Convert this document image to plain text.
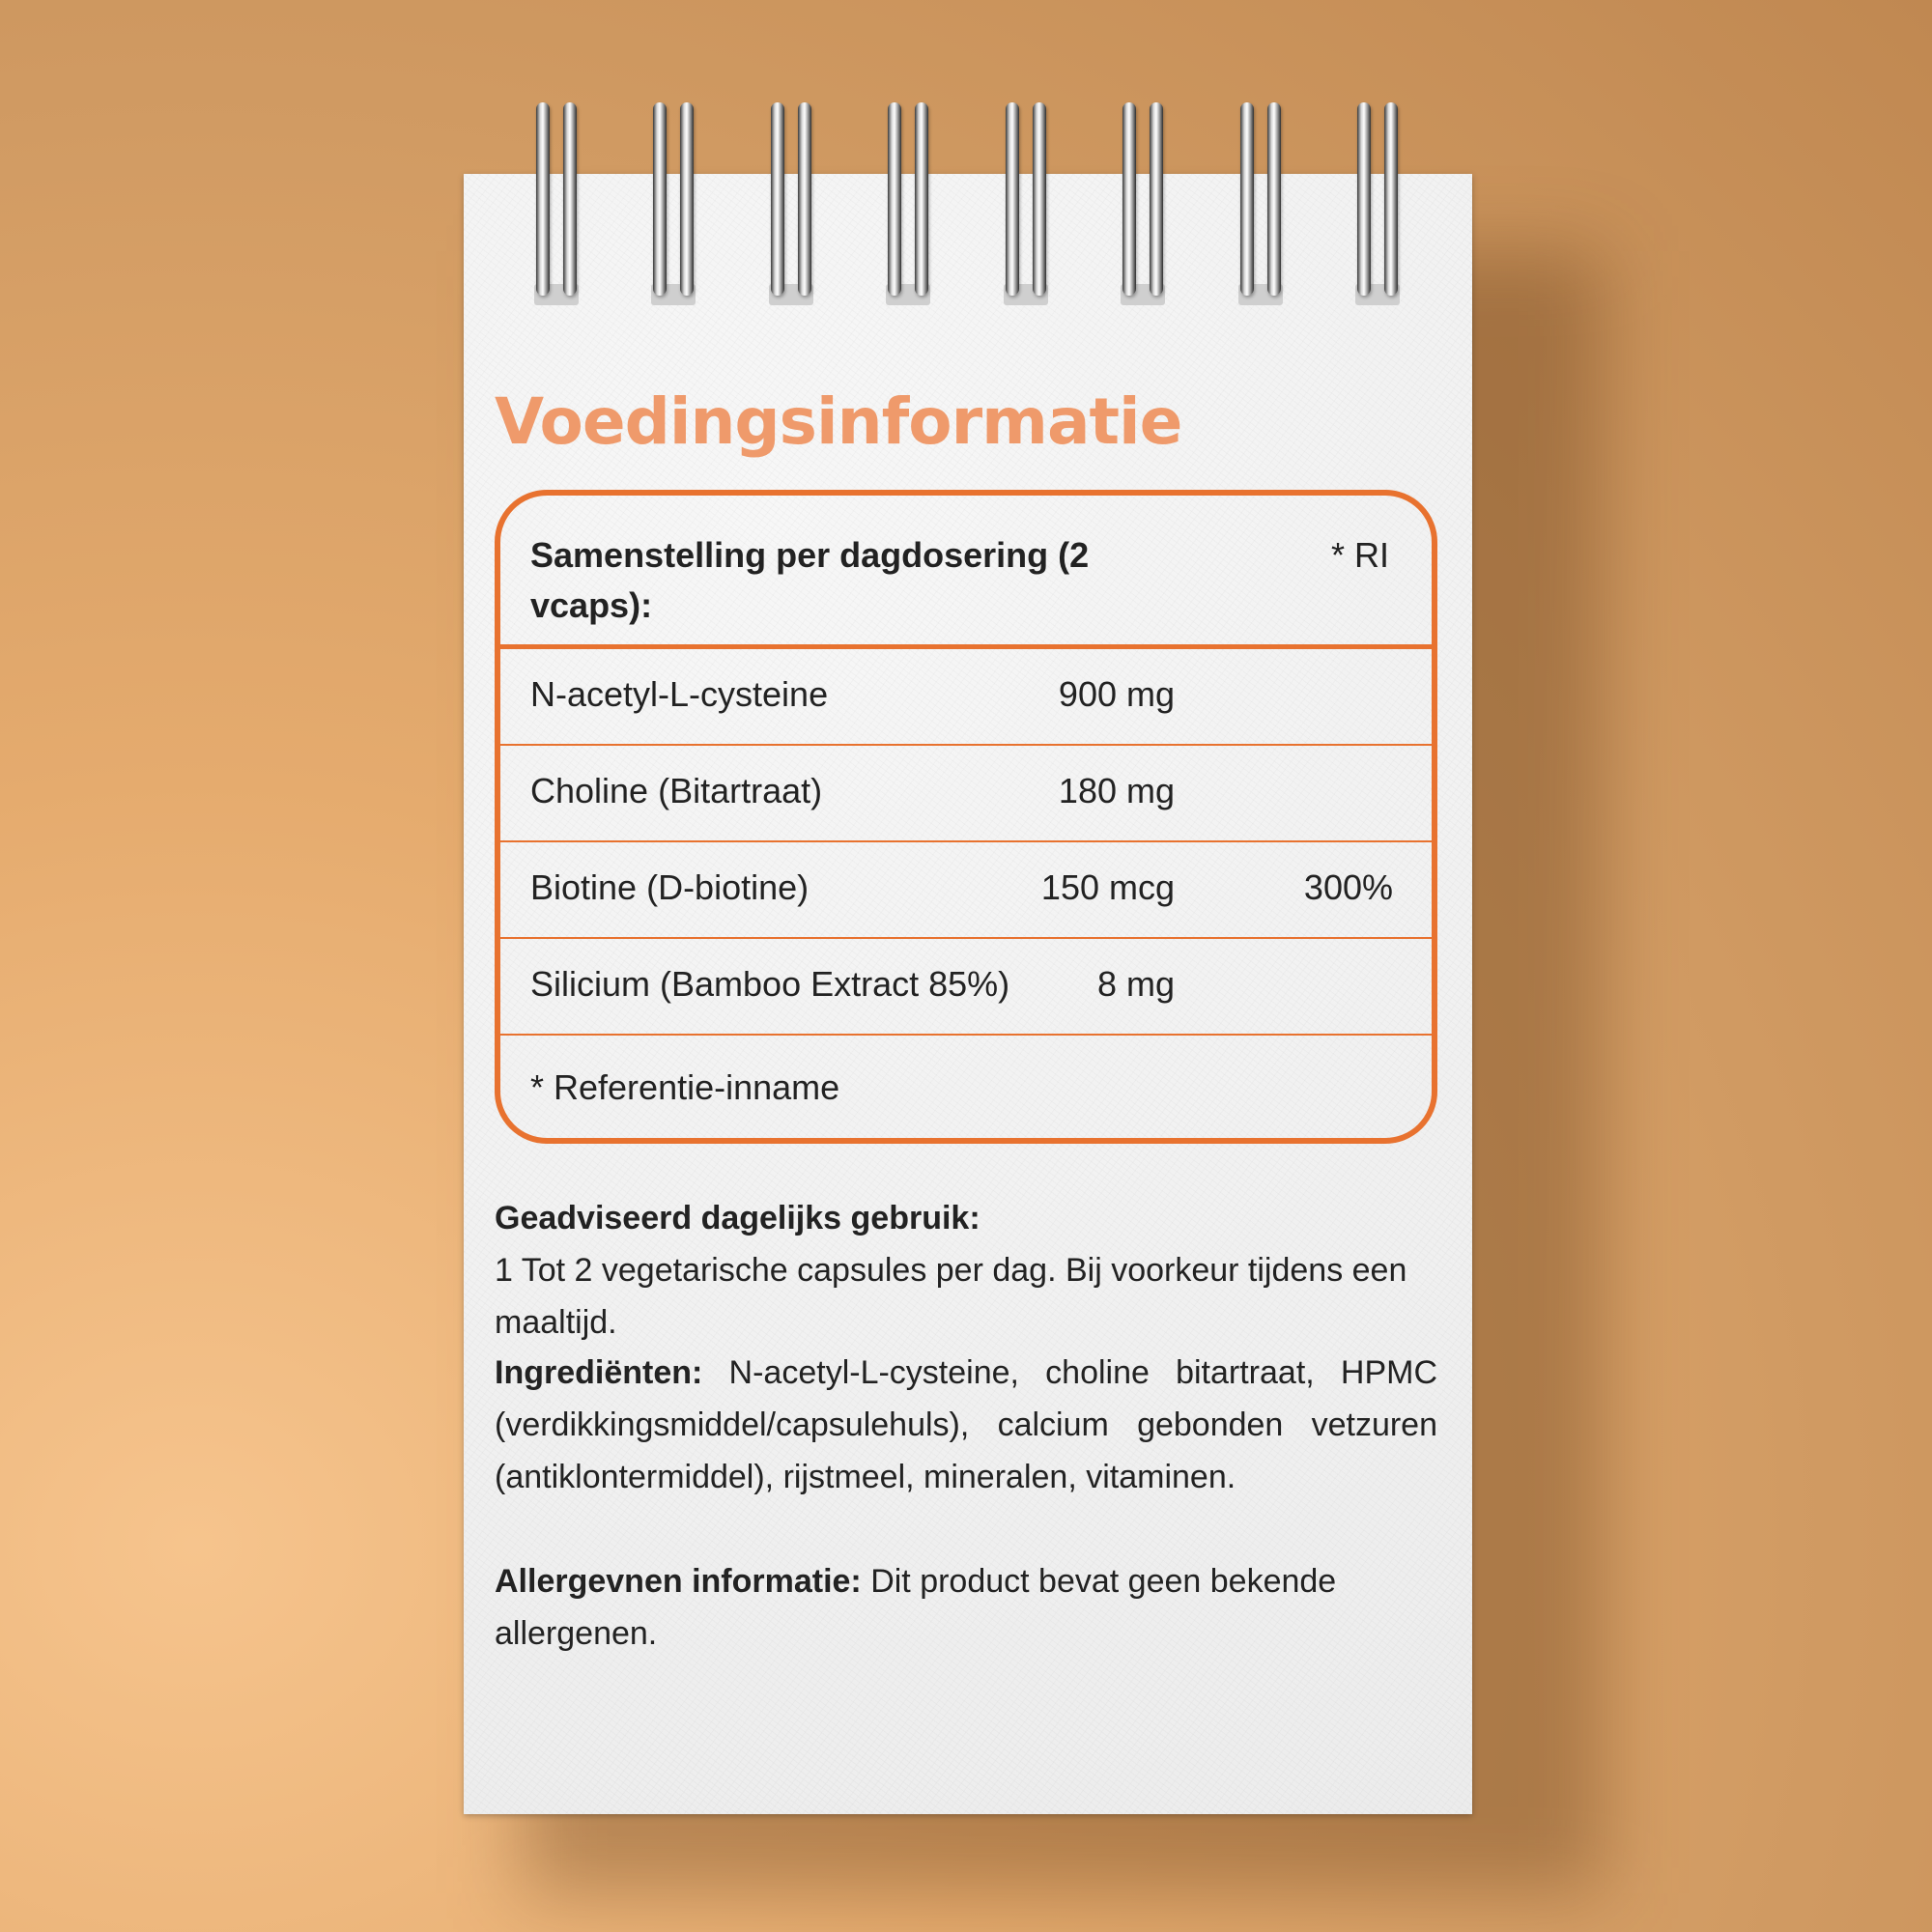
Voedingsinformatie
Samenstelling per dagdosering (2 vcaps):
* RI
N-acetyl-L-cysteine	900 mg
Choline (Bitartraat)	180 mg
Biotine (D-biotine)	150 mcg	300%
Silicium (Bamboo Extract 85%)	8 mg
* Referentie-inname
Geadviseerd dagelijks gebruik:
1 Tot 2 vegetarische capsules per dag. Bij voorkeur tijdens een maaltijd.
Ingrediënten: N-acetyl-L-cysteine, choline bitartraat, HPMC (verdikkingsmiddel/capsulehuls), calcium gebonden vetzuren (antiklontermiddel), rijstmeel, mineralen, vitaminen.
Allergevnen informatie: Dit product bevat geen bekende allergenen.
